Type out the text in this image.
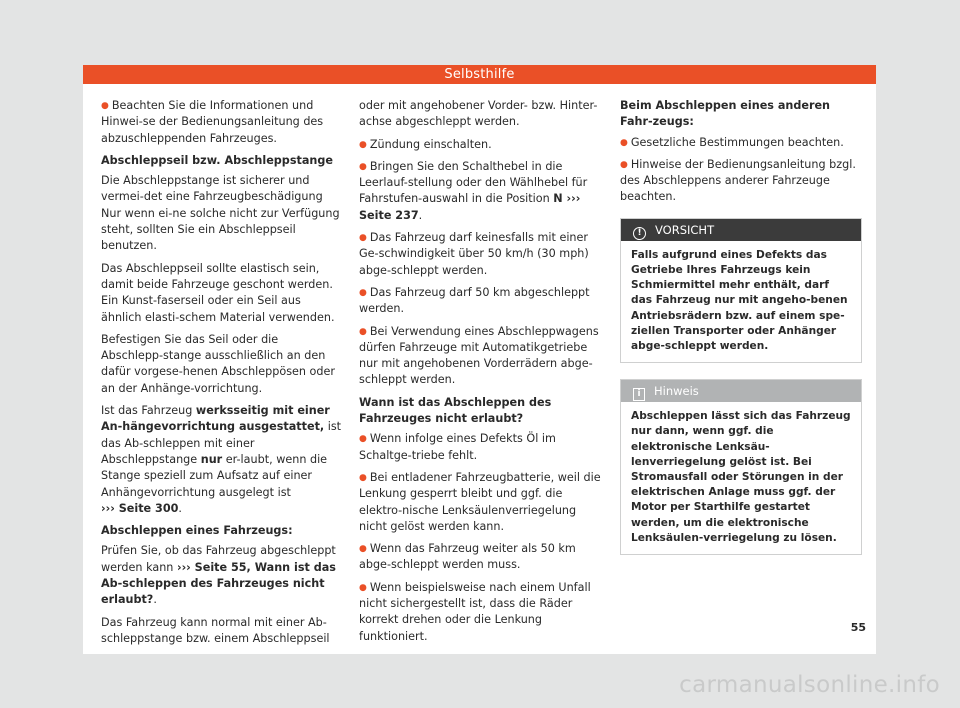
Selbsthilfe

● Beachten Sie die Informationen und Hinwei-se der Bedienungsanleitung des abzuschleppenden Fahrzeuges.

Abschleppseil bzw. Abschleppstange

Die Abschleppstange ist sicherer und vermei-det eine Fahrzeugbeschädigung Nur wenn ei-ne solche nicht zur Verfügung steht, sollten Sie ein Abschleppseil benutzen.

Das Abschleppseil sollte elastisch sein, damit beide Fahrzeuge geschont werden. Ein Kunst-faserseil oder ein Seil aus ähnlich elasti-schem Material verwenden.

Befestigen Sie das Seil oder die Abschlepp-stange ausschließlich an den dafür vorgese-henen Abschleppösen oder an der Anhänge-vorrichtung.

Ist das Fahrzeug werksseitig mit einer An-hängevorrichtung ausgestattet, ist das Ab-schleppen mit einer Abschleppstange nur er-laubt, wenn die Stange speziell zum Aufsatz auf einer Anhängevorrichtung ausgelegt ist
››› Seite 300.

Abschleppen eines Fahrzeugs:

Prüfen Sie, ob das Fahrzeug abgeschleppt werden kann ››› Seite 55, Wann ist das Ab-schleppen des Fahrzeuges nicht erlaubt?.

Das Fahrzeug kann normal mit einer Ab-schleppstange bzw. einem Abschleppseil

oder mit angehobener Vorder- bzw. Hinter-achse abgeschleppt werden.

● Zündung einschalten.

● Bringen Sie den Schalthebel in die Leerlauf-stellung oder den Wählhebel für Fahrstufen-auswahl in die Position N ››› Seite 237.

● Das Fahrzeug darf keinesfalls mit einer Ge-schwindigkeit über 50 km/h (30 mph) abge-schleppt werden.

● Das Fahrzeug darf 50 km abgeschleppt werden.

● Bei Verwendung eines Abschleppwagens dürfen Fahrzeuge mit Automatikgetriebe nur mit angehobenen Vorderrädern abge-schleppt werden.

Wann ist das Abschleppen des Fahrzeuges nicht erlaubt?

● Wenn infolge eines Defekts Öl im Schaltge-triebe fehlt.

● Bei entladener Fahrzeugbatterie, weil die Lenkung gesperrt bleibt und ggf. die elektro-nische Lenksäulenverriegelung nicht gelöst werden kann.

● Wenn das Fahrzeug weiter als 50 km abge-schleppt werden muss.

● Wenn beispielsweise nach einem Unfall nicht sichergestellt ist, dass die Räder korrekt drehen oder die Lenkung funktioniert.

Beim Abschleppen eines anderen Fahr-zeugs:

● Gesetzliche Bestimmungen beachten.

● Hinweise der Bedienungsanleitung bzgl. des Abschleppens anderer Fahrzeuge beachten.

! VORSICHT
Falls aufgrund eines Defekts das Getriebe Ihres Fahrzeugs kein Schmiermittel mehr enthält, darf das Fahrzeug nur mit angeho-benen Antriebsrädern bzw. auf einem spe-ziellen Transporter oder Anhänger abge-schleppt werden.
i Hinweis
Abschleppen lässt sich das Fahrzeug nur dann, wenn ggf. die elektronische Lenksäu-lenverriegelung gelöst ist. Bei Stromausfall oder Störungen in der elektrischen Anlage muss ggf. der Motor per Starthilfe gestartet werden, um die elektronische Lenksäulen-verriegelung zu lösen.
55
carmanualsonline.info
